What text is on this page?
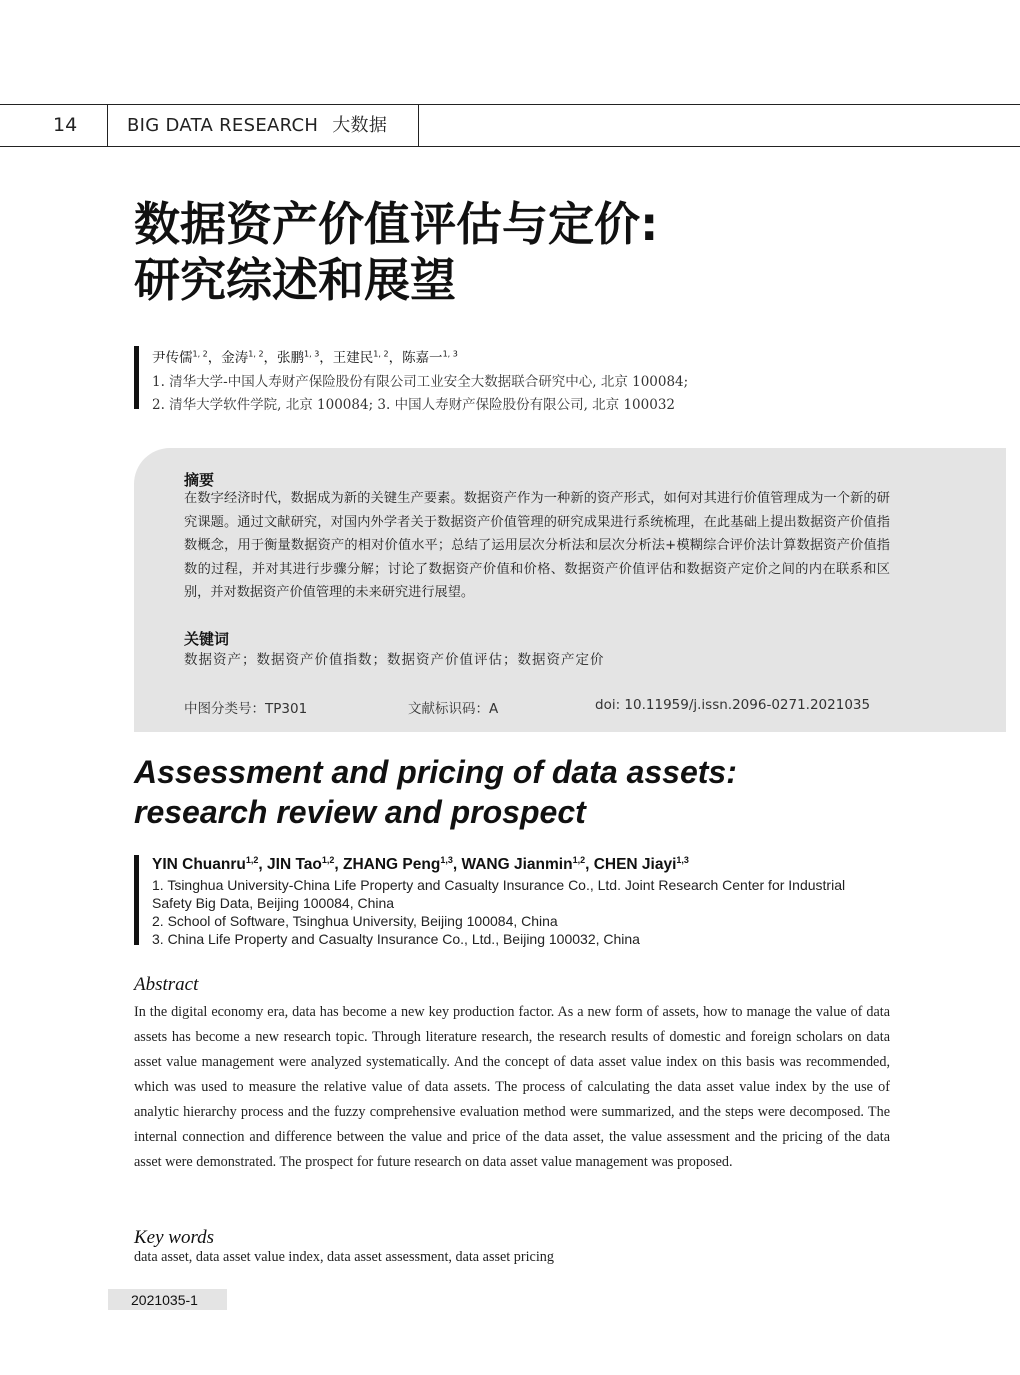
14	BIG DATA RESEARCH 大数据
数据资产价值评估与定价:
研究综述和展望
尹传儒$^{1, 2}$，金涛$^{1, 2}$，张鹏$^{1, 3}$，王建民$^{1, 2}$，陈嘉一$^{1, 3}$
1. 清华大学-中国人寿财产保险股份有限公司工业安全大数据联合研究中心, 北京 100084;
2. 清华大学软件学院, 北京 100084; 3. 中国人寿财产保险股份有限公司, 北京 100032
摘要
在数字经济时代，数据成为新的关键生产要素。数据资产作为一种新的资产形式，如何对其进行价值管理成为一个新的研究课题。通过文献研究，对国内外学者关于数据资产价值管理的研究成果进行系统梳理，在此基础上提出数据资产价值指数概念，用于衡量数据资产的相对价值水平；总结了运用层次分析法和层次分析法+模糊综合评价法计算数据资产价值指数的过程，并对其进行步骤分解；讨论了数据资产价值和价格、数据资产价值评估和数据资产定价之间的内在联系和区别，并对数据资产价值管理的未来研究进行展望。
关键词
数据资产；数据资产价值指数；数据资产价值评估；数据资产定价
中图分类号：TP301	文献标识码：A	doi: 10.11959/j.issn.2096-0271.2021035
Assessment and pricing of data assets:
research review and prospect
YIN Chuanru$^{1,2}$, JIN Tao$^{1,2}$, ZHANG Peng$^{1,3}$, WANG Jianmin$^{1,2}$, CHEN Jiayi$^{1,3}$
1. Tsinghua University-China Life Property and Casualty Insurance Co., Ltd. Joint Research Center for Industrial
Safety Big Data, Beijing 100084, China
2. School of Software, Tsinghua University, Beijing 100084, China
3. China Life Property and Casualty Insurance Co., Ltd., Beijing 100032, China
Abstract
In the digital economy era, data has become a new key production factor. As a new form of assets, how to manage the value of data assets has become a new research topic. Through literature research, the research results of domestic and foreign scholars on data asset value management were analyzed systematically. And the concept of data asset value index on this basis was recommended, which was used to measure the relative value of data assets. The process of calculating the data asset value index by the use of analytic hierarchy process and the fuzzy comprehensive evaluation method were summarized, and the steps were decomposed. The internal connection and difference between the value and price of the data asset, the value assessment and the pricing of the data asset were demonstrated. The prospect for future research on data asset value management was proposed.
Key words
data asset, data asset value index, data asset assessment, data asset pricing
2021035-1
